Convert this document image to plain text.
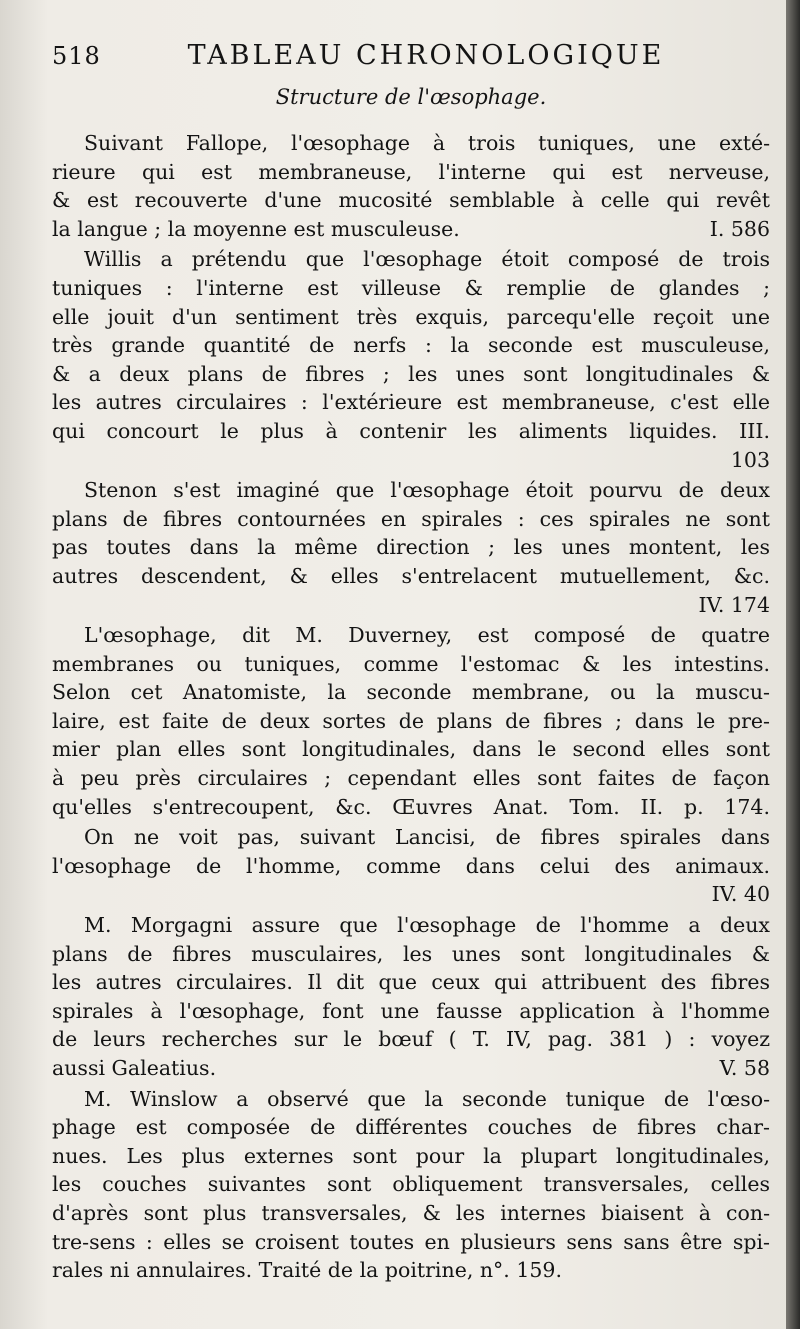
518	TABLEAU CHRONOLOGIQUE
Structure de l'œsophage.
Suivant Fallope, l'œsophage à trois tuniques, une exté-
rieure qui est membraneuse, l'interne qui est nerveuse,
& est recouverte d'une mucosité semblable à celle qui revêt
la langue ; la moyenne est musculeuse.	I. 586
Willis a prétendu que l'œsophage étoit composé de trois
tuniques : l'interne est villeuse & remplie de glandes ;
elle jouit d'un sentiment très exquis, parcequ'elle reçoit une
très grande quantité de nerfs : la seconde est musculeuse,
& a deux plans de fibres ; les unes sont longitudinales &
les autres circulaires : l'extérieure est membraneuse, c'est elle
qui concourt le plus à contenir les aliments liquides. III.
103
Stenon s'est imaginé que l'œsophage étoit pourvu de deux
plans de fibres contournées en spirales : ces spirales ne sont
pas toutes dans la même direction ; les unes montent, les
autres descendent, & elles s'entrelacent mutuellement, &c.
IV. 174
L'œsophage, dit M. Duverney, est composé de quatre
membranes ou tuniques, comme l'estomac & les intestins.
Selon cet Anatomiste, la seconde membrane, ou la muscu-
laire, est faite de deux sortes de plans de fibres ; dans le pre-
mier plan elles sont longitudinales, dans le second elles sont
à peu près circulaires ; cependant elles sont faites de façon
qu'elles s'entrecoupent, &c. Œuvres Anat. Tom. II. p. 174.
On ne voit pas, suivant Lancisi, de fibres spirales dans
l'œsophage de l'homme, comme dans celui des animaux.
IV. 40
M. Morgagni assure que l'œsophage de l'homme a deux
plans de fibres musculaires, les unes sont longitudinales &
les autres circulaires. Il dit que ceux qui attribuent des fibres
spirales à l'œsophage, font une fausse application à l'homme
de leurs recherches sur le bœuf ( T. IV, pag. 381 ) : voyez
aussi Galeatius.	V. 58
M. Winslow a observé que la seconde tunique de l'œso-
phage est composée de différentes couches de fibres char-
nues. Les plus externes sont pour la plupart longitudinales,
les couches suivantes sont obliquement transversales, celles
d'après sont plus transversales, & les internes biaisent à con-
tre-sens : elles se croisent toutes en plusieurs sens sans être spi-
rales ni annulaires. Traité de la poitrine, n°. 159.
